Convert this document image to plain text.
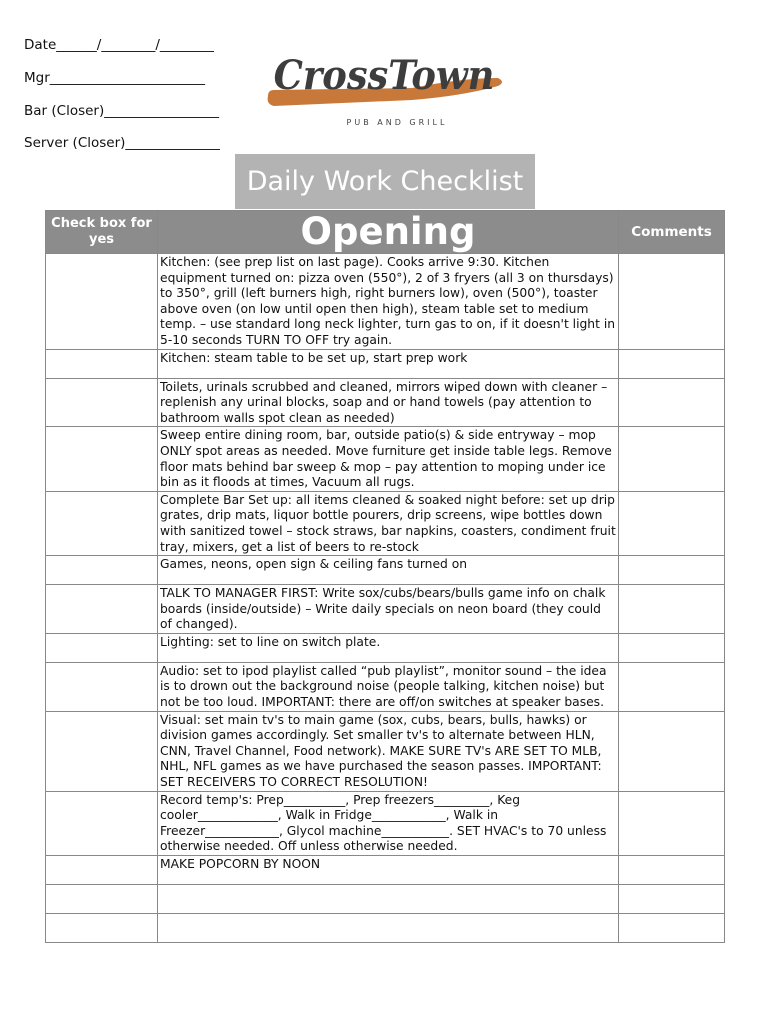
Date______/________/________
Mgr_______________________
Bar (Closer)_________________
Server (Closer)______________
CrossTown
PUB AND GRILL
Daily Work Checklist
Check box for yes	Opening	Comments
	Kitchen: (see prep list on last page). Cooks arrive 9:30. Kitchen equipment turned on: pizza oven (550°), 2 of 3 fryers (all 3 on thursdays) to 350°, grill (left burners high, right burners low), oven (500°), toaster above oven (on low until open then high), steam table set to medium temp. – use standard long neck lighter, turn gas to on, if it doesn't light in 5-10 seconds TURN TO OFF try again.	
	Kitchen: steam table to be set up, start prep work	
	Toilets, urinals scrubbed and cleaned, mirrors wiped down with cleaner – replenish any urinal blocks, soap and or hand towels (pay attention to bathroom walls spot clean as needed)	
	Sweep entire dining room, bar, outside patio(s) & side entryway – mop ONLY spot areas as needed. Move furniture get inside table legs. Remove floor mats behind bar sweep & mop – pay attention to moping under ice bin as it floods at times, Vacuum all rugs.	
	Complete Bar Set up: all items cleaned & soaked night before: set up drip grates, drip mats, liquor bottle pourers, drip screens, wipe bottles down with sanitized towel – stock straws, bar napkins, coasters, condiment fruit tray, mixers, get a list of beers to re-stock	
	Games, neons, open sign & ceiling fans turned on	
	TALK TO MANAGER FIRST: Write sox/cubs/bears/bulls game info on chalk boards (inside/outside) – Write daily specials on neon board (they could of changed).	
	Lighting: set to line on switch plate.	
	Audio: set to ipod playlist called “pub playlist”, monitor sound – the idea is to drown out the background noise (people talking, kitchen noise) but not be too loud. IMPORTANT: there are off/on switches at speaker bases.	
	Visual: set main tv's to main game (sox, cubs, bears, bulls, hawks) or division games accordingly. Set smaller tv's to alternate between HLN, CNN, Travel Channel, Food network). MAKE SURE TV's ARE SET TO MLB, NHL, NFL games as we have purchased the season passes. IMPORTANT: SET RECEIVERS TO CORRECT RESOLUTION!	
	Record temp's: Prep__________, Prep freezers_________, Keg cooler_____________, Walk in Fridge____________, Walk in Freezer____________, Glycol machine___________. SET HVAC's to 70 unless otherwise needed. Off unless otherwise needed.	
	MAKE POPCORN BY NOON	
